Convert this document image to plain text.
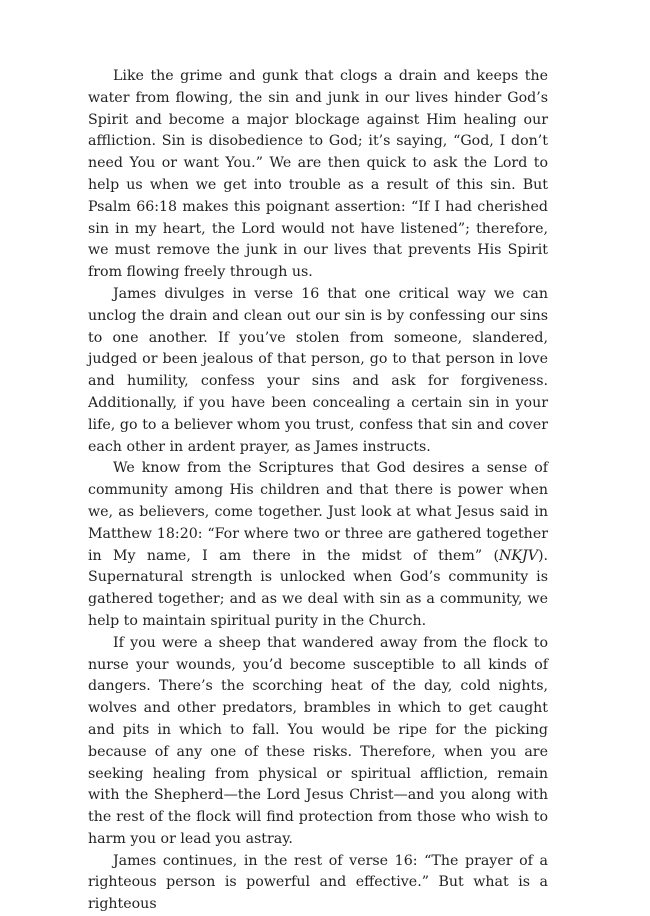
Like the grime and gunk that clogs a drain and keeps the water from flowing, the sin and junk in our lives hinder God’s Spirit and become a major blockage against Him healing our affliction. Sin is disobedience to God; it’s saying, “God, I don’t need You or want You.” We are then quick to ask the Lord to help us when we get into trouble as a result of this sin. But Psalm 66:18 makes this poignant assertion: “If I had cherished sin in my heart, the Lord would not have listened”; therefore, we must remove the junk in our lives that prevents His Spirit from flowing freely through us.

James divulges in verse 16 that one critical way we can unclog the drain and clean out our sin is by confessing our sins to one another. If you’ve stolen from someone, slandered, judged or been jealous of that person, go to that person in love and humility, confess your sins and ask for forgiveness. Additionally, if you have been concealing a certain sin in your life, go to a believer whom you trust, confess that sin and cover each other in ardent prayer, as James instructs.

We know from the Scriptures that God desires a sense of community among His children and that there is power when we, as believers, come together. Just look at what Jesus said in Matthew 18:20: “For where two or three are gathered together in My name, I am there in the midst of them” (NKJV). Supernatural strength is unlocked when God’s community is gathered together; and as we deal with sin as a community, we help to maintain spiritual purity in the Church.

If you were a sheep that wandered away from the flock to nurse your wounds, you’d become susceptible to all kinds of dangers. There’s the scorching heat of the day, cold nights, wolves and other predators, brambles in which to get caught and pits in which to fall. You would be ripe for the picking because of any one of these risks. Therefore, when you are seeking healing from physical or spiritual affliction, remain with the Shepherd—the Lord Jesus Christ—and you along with the rest of the flock will find protection from those who wish to harm you or lead you astray.

James continues, in the rest of verse 16: “The prayer of a righteous person is powerful and effective.” But what is a righteous
